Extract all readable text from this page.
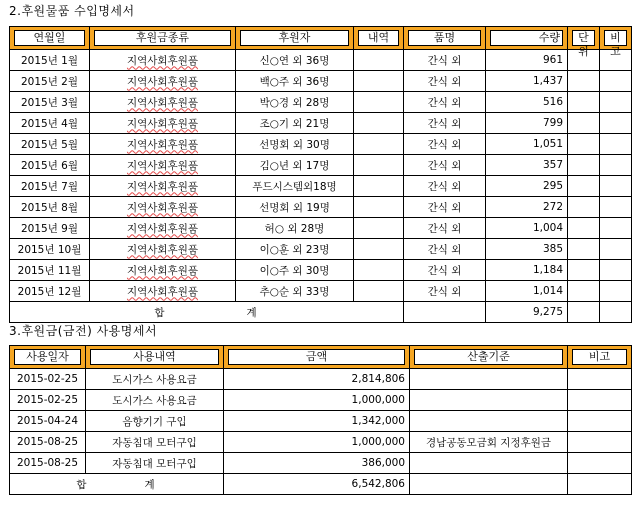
2.후원물품 수입명세서
연월일	후원금종류	후원자	내역	품명	수량	단위	비고

2015년 1월	지역사회후원품	신○연 외 36명		간식 외	961		
2015년 2월	지역사회후원품	백○주 외 36명		간식 외	1,437		
2015년 3월	지역사회후원품	박○경 외 28명		간식 외	516		
2015년 4월	지역사회후원품	조○기 외 21명		간식 외	799		
2015년 5월	지역사회후원품	선명회 외 30명		간식 외	1,051		
2015년 6월	지역사회후원품	김○년 외 17명		간식 외	357		
2015년 7월	지역사회후원품	푸드시스템외18명		간식 외	295		
2015년 8월	지역사회후원품	선명회 외 19명		간식 외	272		
2015년 9월	지역사회후원품	허○ 외 28명		간식 외	1,004		
2015년 10월	지역사회후원품	이○훈 외 23명		간식 외	385		
2015년 11월	지역사회후원품	이○주 외 30명		간식 외	1,184		
2015년 12월	지역사회후원품	추○순 외 33명		간식 외	1,014		
합 계					9,275		
3.후원금(금전) 사용명세서
사용일자	사용내역	금액	산출기준	비고

2015-02-25	도시가스 사용요금	2,814,806		
2015-02-25	도시가스 사용요금	1,000,000		
2015-04-24	음향기기 구입	1,342,000		
2015-08-25	자동침대 모터구입	1,000,000	경남공동모금회 지정후원금	
2015-08-25	자동침대 모터구입	386,000		
합 계		6,542,806		
